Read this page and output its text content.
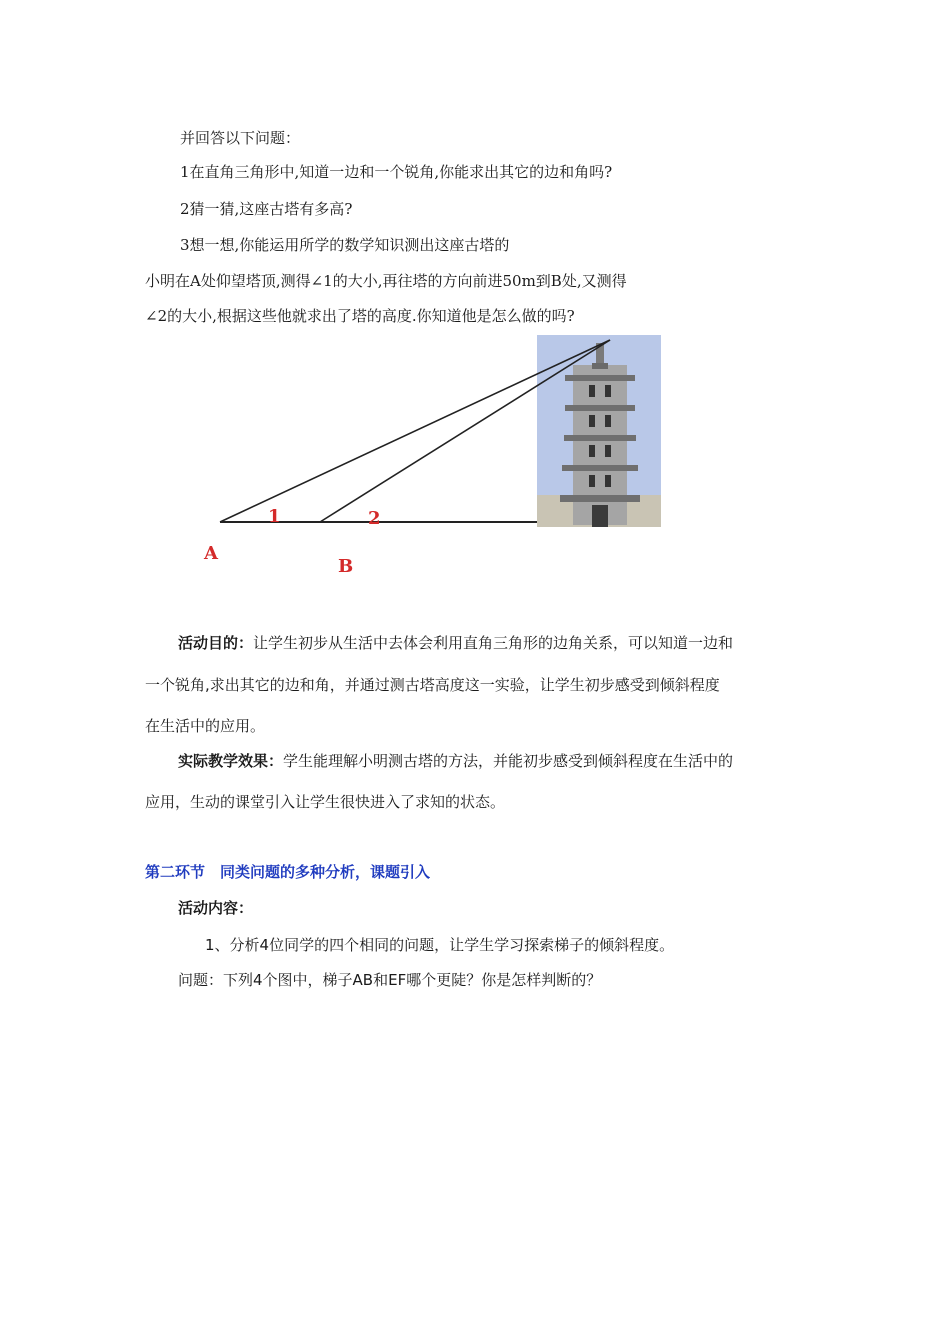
并回答以下问题：
1在直角三角形中,知道一边和一个锐角,你能求出其它的边和角吗?
2猜一猜,这座古塔有多高?
3想一想,你能运用所学的数学知识测出这座古塔的
小明在A处仰望塔顶,测得∠1的大小,再往塔的方向前进50m到B处,又测得
∠2的大小,根据这些他就求出了塔的高度.你知道他是怎么做的吗?
1	2
A
B
活动目的：让学生初步从生活中去体会利用直角三角形的边角关系，可以知道一边和
一个锐角,求出其它的边和角，并通过测古塔高度这一实验，让学生初步感受到倾斜程度
在生活中的应用。
实际教学效果：学生能理解小明测古塔的方法，并能初步感受到倾斜程度在生活中的
应用，生动的课堂引入让学生很快进入了求知的状态。
第二环节　同类问题的多种分析，课题引入
活动内容：
1、分析4位同学的四个相同的问题，让学生学习探索梯子的倾斜程度。
问题：下列4个图中，梯子AB和EF哪个更陡？你是怎样判断的？
